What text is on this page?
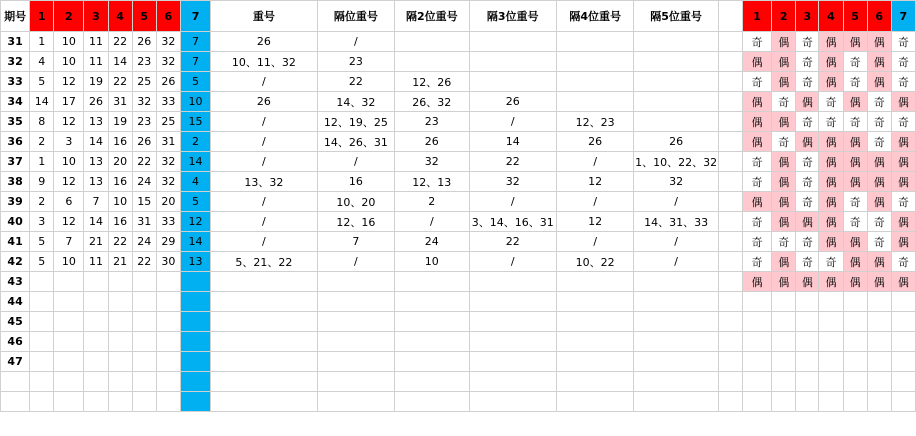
期号	1	2	3	4	5	6	7	重号	隔位重号	隔2位重号	隔3位重号	隔4位重号	隔5位重号		1	2	3	4	5	6	7
31	1	10	11	22	26	32	7	26	/						奇	偶	奇	偶	偶	偶	奇
32	4	10	11	14	23	32	7	10、11、32	23						偶	偶	奇	偶	奇	偶	奇
33	5	12	19	22	25	26	5	/	22	12、26					奇	偶	奇	偶	奇	偶	奇
34	14	17	26	31	32	33	10	26	14、32	26、32	26				偶	奇	偶	奇	偶	奇	偶
35	8	12	13	19	23	25	15	/	12、19、25	23	/	12、23			偶	偶	奇	奇	奇	奇	奇
36	2	3	14	16	26	31	2	/	14、26、31	26	14	26	26		偶	奇	偶	偶	偶	奇	偶
37	1	10	13	20	22	32	14	/	/	32	22	/	1、10、22、32		奇	偶	奇	偶	偶	偶	偶
38	9	12	13	16	24	32	4	13、32	16	12、13	32	12	32		奇	偶	奇	偶	偶	偶	偶
39	2	6	7	10	15	20	5	/	10、20	2	/	/	/		偶	偶	奇	偶	奇	偶	奇
40	3	12	14	16	31	33	12	/	12、16	/	3、14、16、31	12	14、31、33		奇	偶	偶	偶	奇	奇	偶
41	5	7	21	22	24	29	14	/	7	24	22	/	/		奇	奇	奇	偶	偶	奇	偶
42	5	10	11	21	22	30	13	5、21、22	/	10	/	10、22	/		奇	偶	奇	奇	偶	偶	奇
43															偶	偶	偶	偶	偶	偶	偶
44																					
45																					
46																					
47																					
